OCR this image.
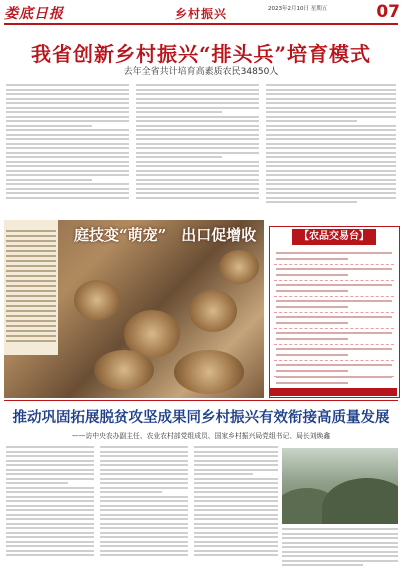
娄底日报	乡村振兴	2023年2月10日 星期五	07
我省创新乡村振兴“排头兵”培育模式
去年全省共计培育高素质农民34850人
庭技变“萌宠”　出口促增收	【农品交易台】
推动巩固拓展脱贫攻坚成果同乡村振兴有效衔接高质量发展
——访中央农办副主任、农业农村部党组成员、国家乡村振兴局党组书记、局长刘焕鑫
